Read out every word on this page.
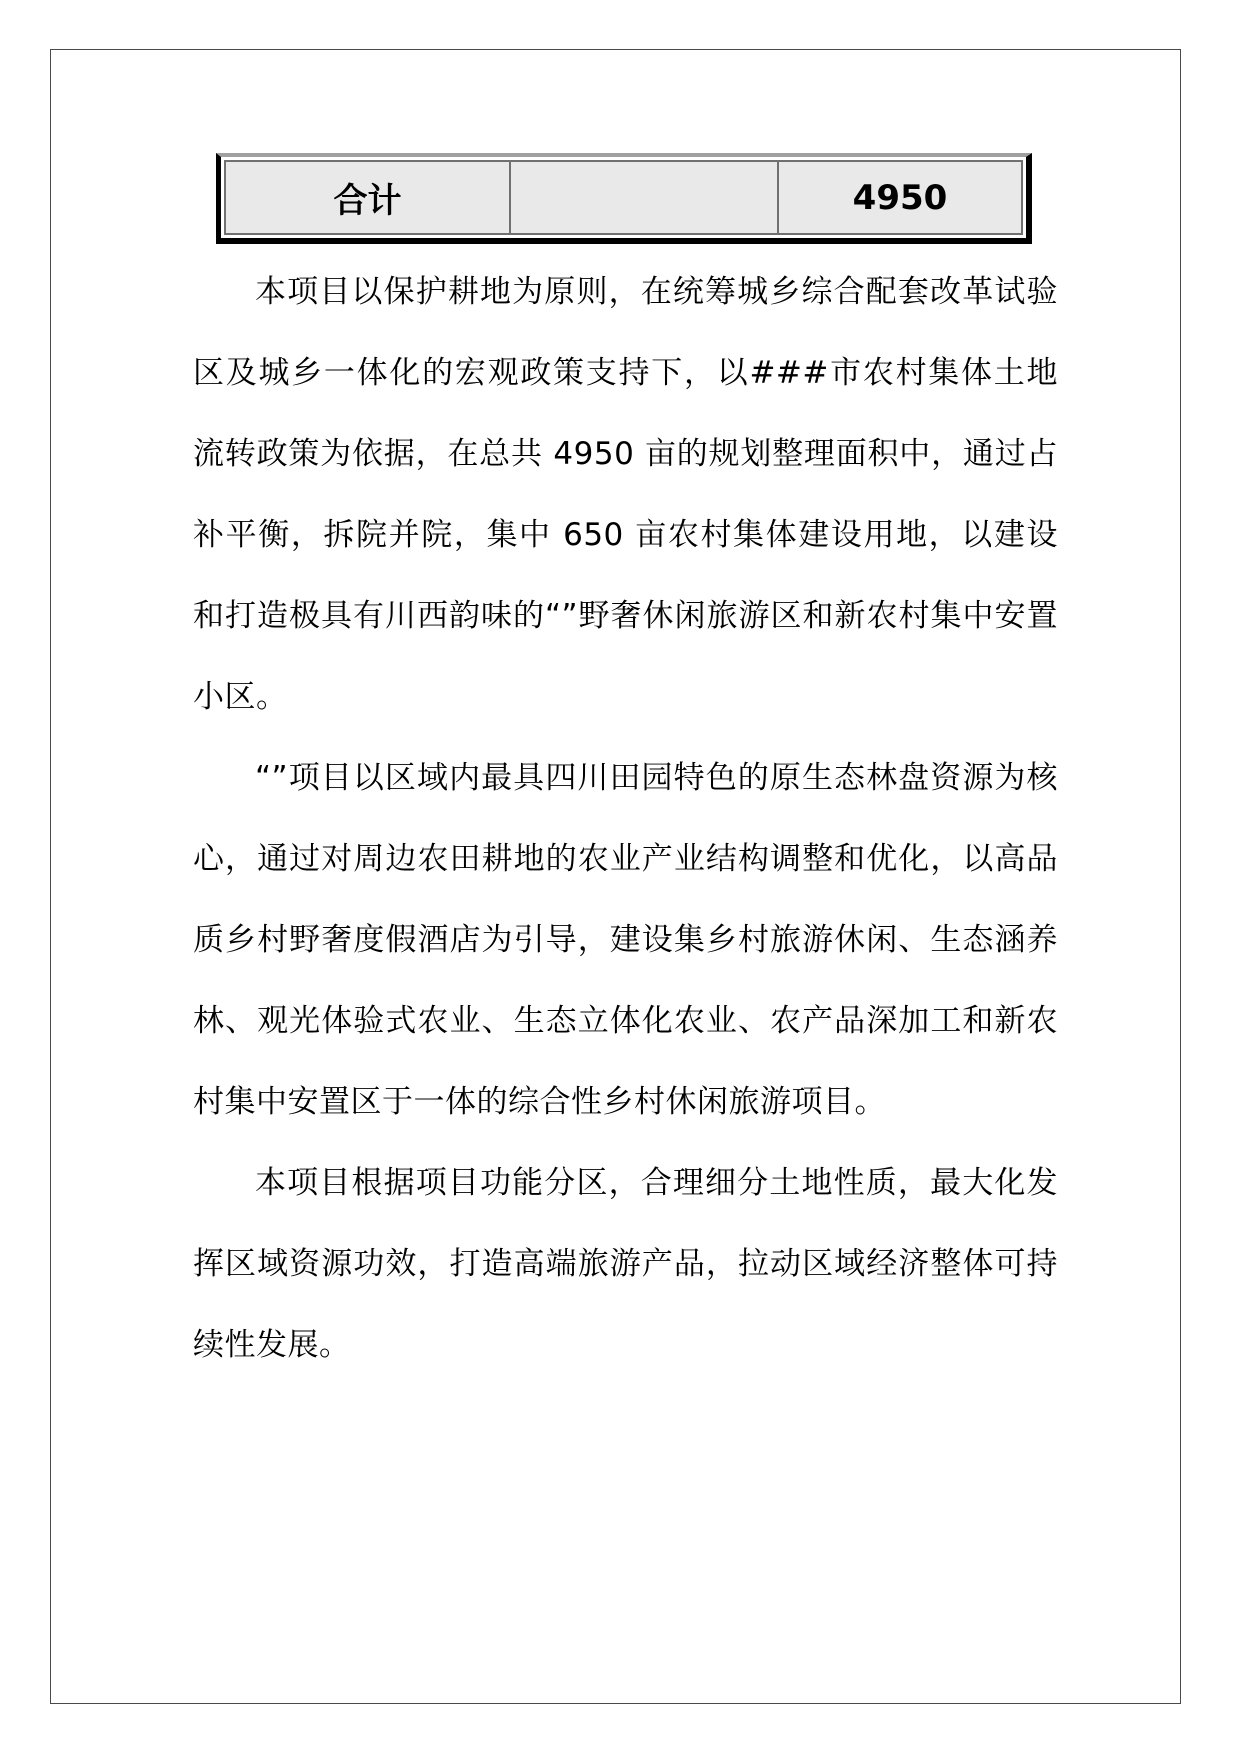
合计		4950

本项目以保护耕地为原则，在统筹城乡综合配套改革试验区及城乡一体化的宏观政策支持下，以###市农村集体土地流转政策为依据，在总共 4950 亩的规划整理面积中，通过占补平衡，拆院并院，集中 650 亩农村集体建设用地，以建设和打造极具有川西韵味的“”野奢休闲旅游区和新农村集中安置小区。

“”项目以区域内最具四川田园特色的原生态林盘资源为核心，通过对周边农田耕地的农业产业结构调整和优化，以高品质乡村野奢度假酒店为引导，建设集乡村旅游休闲、生态涵养林、观光体验式农业、生态立体化农业、农产品深加工和新农村集中安置区于一体的综合性乡村休闲旅游项目。

本项目根据项目功能分区，合理细分土地性质，最大化发挥区域资源功效，打造高端旅游产品，拉动区域经济整体可持续性发展。
